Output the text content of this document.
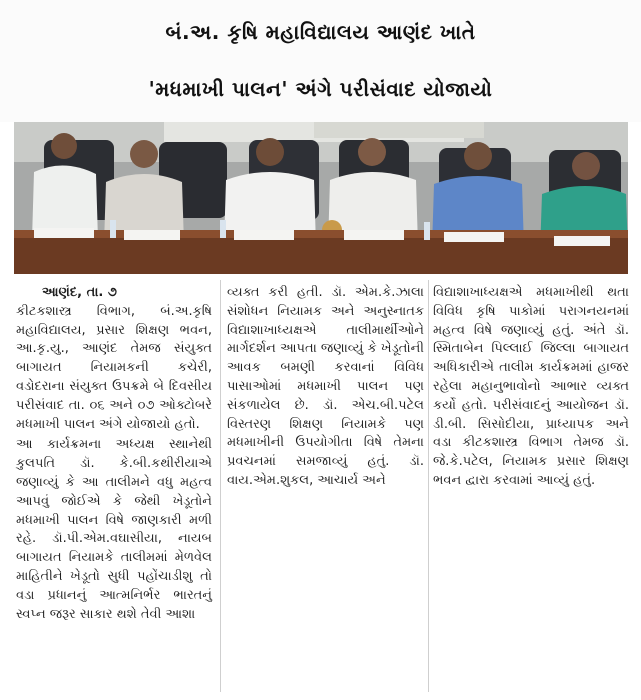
બં.અ. કૃષિ મહાવિદ્યાલય આણંદ ખાતે
'મધમાખી પાલન' અંગે પરીસંવાદ યોજાયો

આણંદ, તા. ૭

કીટકશાસ્ત્ર વિભાગ, બં.અ.કૃષિ મહાવિદ્યાલય, પ્રસાર શિક્ષણ ભવન, આ.કૃ.યુ., આણંદ તેમજ સંયુક્ત બાગાયત નિયામકની કચેરી, વડોદરાના સંયુક્ત ઉપક્રમે બે દિવસીય પરીસંવાદ તા. ૦૬ અને ૦૭ ઓક્ટોબરે મધમાખી પાલન અંગે યોજાયો હતો.

આ કાર્યક્રમના અધ્યક્ષ સ્થાનેથી કુલપતિ ડૉ. કે.બી.કથીરીયાએ જણાવ્યું કે આ તાલીમને વધુ મહત્વ આપવું જોઈએ કે જેથી ખેડૂતોને મધમાખી પાલન વિષે જાણકારી મળી રહે. ડૉ.પી.એમ.વઘાસીયા, નાયબ બાગાયત નિયામકે તાલીમમાં મેળવેલ માહિતીને ખેડૂતો સુધી પહોંચાડીશુ તો વડા પ્રધાનનું આત્મનિર્ભર ભારતનું સ્વપ્ન જરૂર સાકાર થશે તેવી આશા

વ્યક્ત કરી હતી. ડૉ. એમ.કે.ઝાલા સંશોધન નિયામક અને અનુસ્નાતક વિદ્યાશાખાધ્યક્ષએ તાલીમાર્થીઓને માર્ગદર્શન આપતા જણાવ્યું કે ખેડૂતોની આવક બમણી કરવાનાં વિવિધ પાસાઓમાં મધમાખી પાલન પણ સંકળાયેલ છે. ડૉ. એચ.બી.પટેલ વિસ્તરણ શિક્ષણ નિયામકે પણ મધમાખીની ઉપયોગીતા વિષે તેમના પ્રવચનમાં સમજાવ્યું હતું. ડૉ. વાય.એમ.શુકલ, આચાર્ય અને

વિદ્યાશાખાધ્યક્ષએ મધમાખીથી થતા વિવિધ કૃષિ પાકોમાં પરાગનયનમાં મહત્વ વિષે જણાવ્યું હતું. અંતે ડૉ. સ્મિતાબેન પિલ્લાઈ જિલ્લા બાગાયત અધિકારીએ તાલીમ કાર્યક્રમમાં હાજર રહેલા મહાનુભાવોનો આભાર વ્યક્ત કર્યો હતો. પરીસંવાદનું આયોજન ડૉ. ડી.બી. સિસોદીયા, પ્રાધ્યાપક અને વડા કીટકશાસ્ત્ર વિભાગ તેમજ ડૉ. જે.કે.પટેલ, નિયામક પ્રસાર શિક્ષણ ભવન દ્વારા કરવામાં આવ્યું હતું.
